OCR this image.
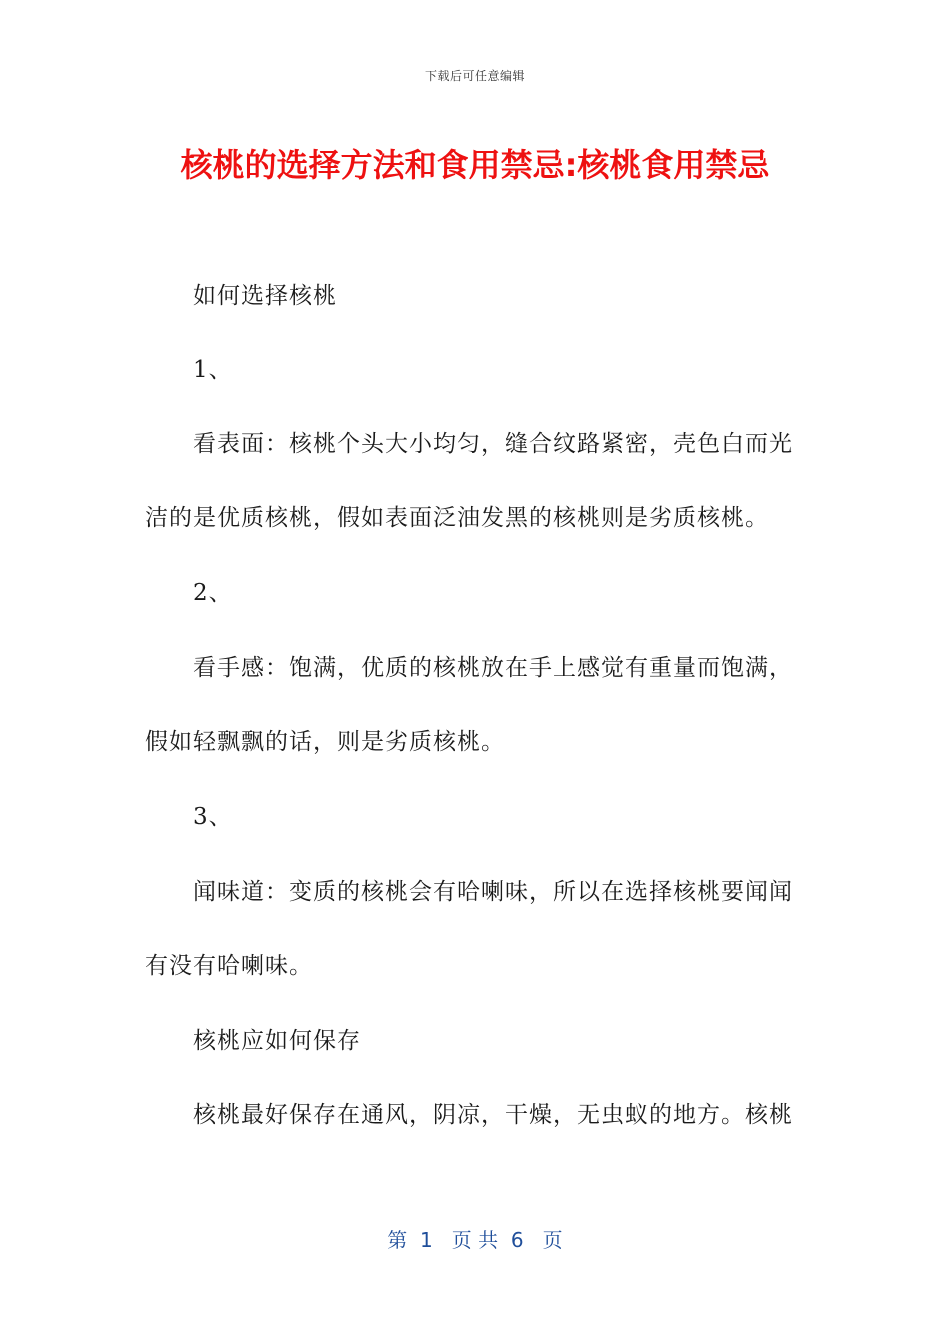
下载后可任意编辑
核桃的选择方法和食用禁忌:核桃食用禁忌
如何选择核桃
1、
看表面：核桃个头大小均匀，缝合纹路紧密，壳色白而光
洁的是优质核桃，假如表面泛油发黑的核桃则是劣质核桃。
2、
看手感：饱满，优质的核桃放在手上感觉有重量而饱满，
假如轻飘飘的话，则是劣质核桃。
3、
闻味道：变质的核桃会有哈喇味，所以在选择核桃要闻闻
有没有哈喇味。
核桃应如何保存
核桃最好保存在通风，阴凉，干燥，无虫蚁的地方。核桃
第  1   页 共  6   页
